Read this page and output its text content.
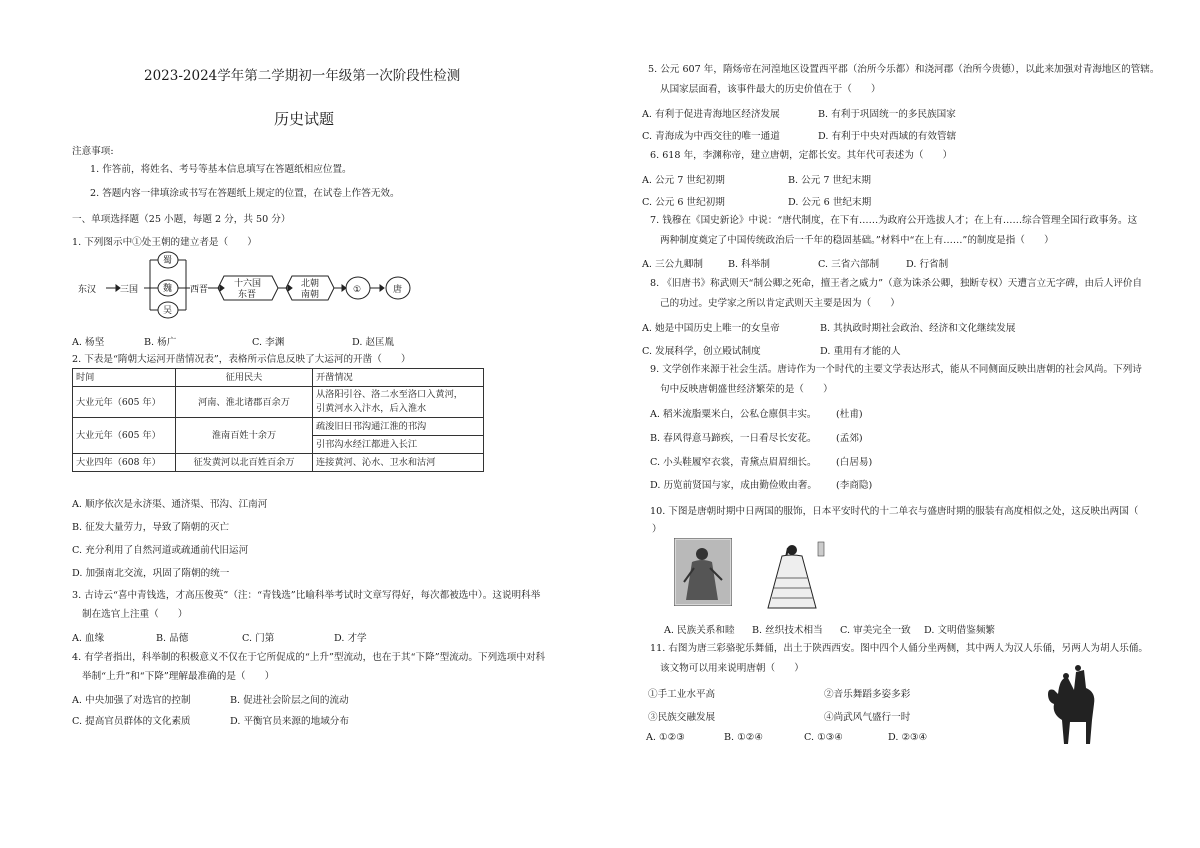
2023-2024学年第二学期初一年级第一次阶段性检测
历史试题
注意事项:
1. 作答前，将姓名、考号等基本信息填写在答题纸相应位置。
2. 答题内容一律填涂或书写在答题纸上规定的位置，在试卷上作答无效。
一、单项选择题（25 小题，每题 2 分，共 50 分）
1. 下列图示中①处王朝的建立者是（　　）
东汉	三国
蜀
魏
吴
西晋
十六国
东晋
北朝
南朝	①	唐
A. 杨坚	B. 杨广	C. 李渊	D. 赵匡胤
2. 下表是“隋朝大运河开凿情况表”，表格所示信息反映了大运河的开凿（　　）
时间	征用民夫	开凿情况
大业元年（605 年）	河南、淮北诸郡百余万	从洛阳引谷、洛二水至洛口入黄河，
引黄河水入汴水，后入淮水

大业元年（605 年）	淮南百姓十余万	疏浚旧日邗沟通江淮的邗沟
		引邗沟水经江都进入长江
大业四年（608 年）	征发黄河以北百姓百余万	连接黄河、沁水、卫水和沽河
A. 顺序依次是永济渠、通济渠、邗沟、江南河
B. 征发大量劳力，导致了隋朝的灭亡
C. 充分利用了自然河道或疏通前代旧运河
D. 加强南北交流，巩固了隋朝的统一
3. 古诗云“喜中青钱选，才高压俊英”（注：“青钱选”比喻科举考试时文章写得好，每次都被选中）。这说明科举
制在选官上注重（　　）
A. 血缘	B. 品德	C. 门第	D. 才学
4. 有学者指出，科举制的积极意义不仅在于它所促成的“上升”型流动，也在于其“下降”型流动。下列选项中对科
举制“上升”和“下降”理解最准确的是（　　）
A. 中央加强了对选官的控制	B. 促进社会阶层之间的流动
C. 提高官员群体的文化素质	D. 平衡官员来源的地域分布
5. 公元 607 年，隋炀帝在河湟地区设置西平郡（治所今乐都）和浇河郡（治所今贵德），以此来加强对青海地区的管辖。
从国家层面看，该事件最大的历史价值在于（　　）
A. 有利于促进青海地区经济发展	B. 有利于巩固统一的多民族国家
C. 青海成为中西交往的唯一通道	D. 有利于中央对西域的有效管辖
6. 618 年，李渊称帝，建立唐朝，定都长安。其年代可表述为（　　）
A. 公元 7 世纪初期	B. 公元 7 世纪末期
C. 公元 6 世纪初期	D. 公元 6 世纪末期
7. 钱穆在《国史新论》中说：“唐代制度，在下有……为政府公开选拔人才；在上有……综合管理全国行政事务。这
两种制度奠定了中国传统政治后一千年的稳固基础。”材料中“在上有……”的制度是指（　　）
A. 三公九卿制	B. 科举制	C. 三省六部制	D. 行省制
8. 《旧唐书》称武则天“制公卿之死命，擅王者之威力”（意为诛杀公卿，独断专权）天遭言立无字碑，由后人评价自
己的功过。史学家之所以肯定武则天主要是因为（　　）
A. 她是中国历史上唯一的女皇帝	B. 其执政时期社会政治、经济和文化继续发展
C. 发展科学，创立殿试制度	D. 重用有才能的人
9. 文学创作来源于社会生活。唐诗作为一个时代的主要文学表达形式，能从不同侧面反映出唐朝的社会风尚。下列诗
句中反映唐朝盛世经济繁荣的是（　　）
A. 稻米流脂粟米白，公私仓廪俱丰实。 (杜甫)
B. 春风得意马蹄疾，一日看尽长安花。 (孟郊)
C. 小头鞋履窄衣裳，青黛点眉眉细长。 (白居易)
D. 历览前贤国与家，成由勤俭败由奢。 (李商隐)
10. 下图是唐朝时期中日两国的服饰，日本平安时代的十二单衣与盛唐时期的服装有高度相似之处，这反映出两国（
）
A. 民族关系和睦 B. 丝织技术相当 C. 审美完全一致 D. 文明借鉴频繁
11. 右图为唐三彩骆驼乐舞俑，出土于陕西西安。图中四个人俑分坐两侧，其中两人为汉人乐俑，另两人为胡人乐俑。
该文物可以用来说明唐朝（　　）
①手工业水平高	②音乐舞蹈多姿多彩
③民族交融发展	④尚武风气盛行一时
A. ①②③	B. ①②④	C. ①③④	D. ②③④
